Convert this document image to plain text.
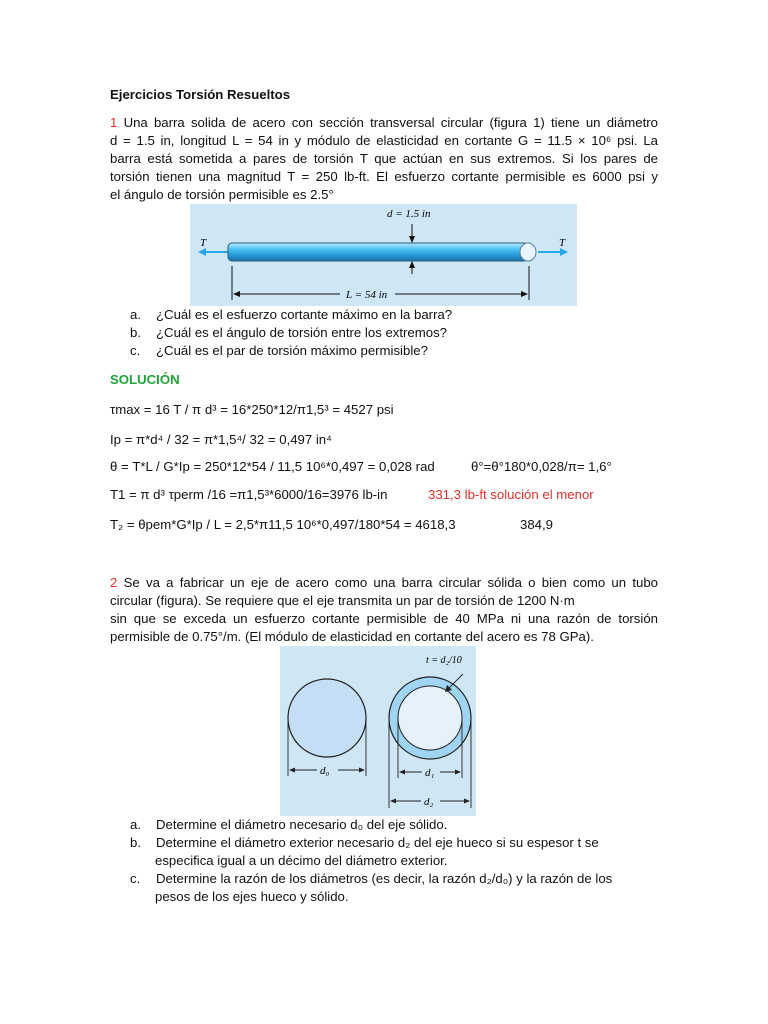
Ejercicios Torsión Resueltos
1 Una barra solida de acero con sección transversal circular (figura 1) tiene un diámetro
d = 1.5 in, longitud L = 54 in y módulo de elasticidad en cortante G = 11.5 × 10⁶ psi. La
barra está sometida a pares de torsión T que actúan en sus extremos. Si los pares de
torsión tienen una magnitud T = 250 lb-ft. El esfuerzo cortante permisible es 6000 psi y
el ángulo de torsión permisible es 2.5°
d = 1.5 in
L = 54 in
T	T
a. ¿Cuál es el esfuerzo cortante máximo en la barra?
b. ¿Cuál es el ángulo de torsión entre los extremos?
c. ¿Cuál es el par de torsión máximo permisible?
SOLUCIÓN
τmax = 16 T / π d³ = 16*250*12/π1,5³ = 4527 psi
Ip = π*d⁴ / 32 = π*1,5⁴/ 32 = 0,497 in⁴
θ = T*L / G*Ip = 250*12*54 / 11,5 10⁶*0,497 = 0,028 rad	θ°=θ°180*0,028/π= 1,6°
T1 = π d³ τperm /16 =π1,5³*6000/16=3976 lb-in	331,3 lb-ft solución el menor
T₂ = θpem*G*Ip / L = 2,5*π11,5 10⁶*0,497/180*54 = 4618,3	384,9
2 Se va a fabricar un eje de acero como una barra circular sólida o bien como un tubo
circular (figura). Se requiere que el eje transmita un par de torsión de 1200 N·m
sin que se exceda un esfuerzo cortante permisible de 40 MPa ni una razón de torsión
permisible de 0.75°/m. (El módulo de elasticidad en cortante del acero es 78 GPa).
d₀	d₁
d₂
t = d₂/10
a. Determine el diámetro necesario d₀ del eje sólido.
b. Determine el diámetro exterior necesario d₂ del eje hueco si su espesor t se
especifica igual a un décimo del diámetro exterior.
c. Determine la razón de los diámetros (es decir, la razón d₂/d₀) y la razón de los
pesos de los ejes hueco y sólido.
